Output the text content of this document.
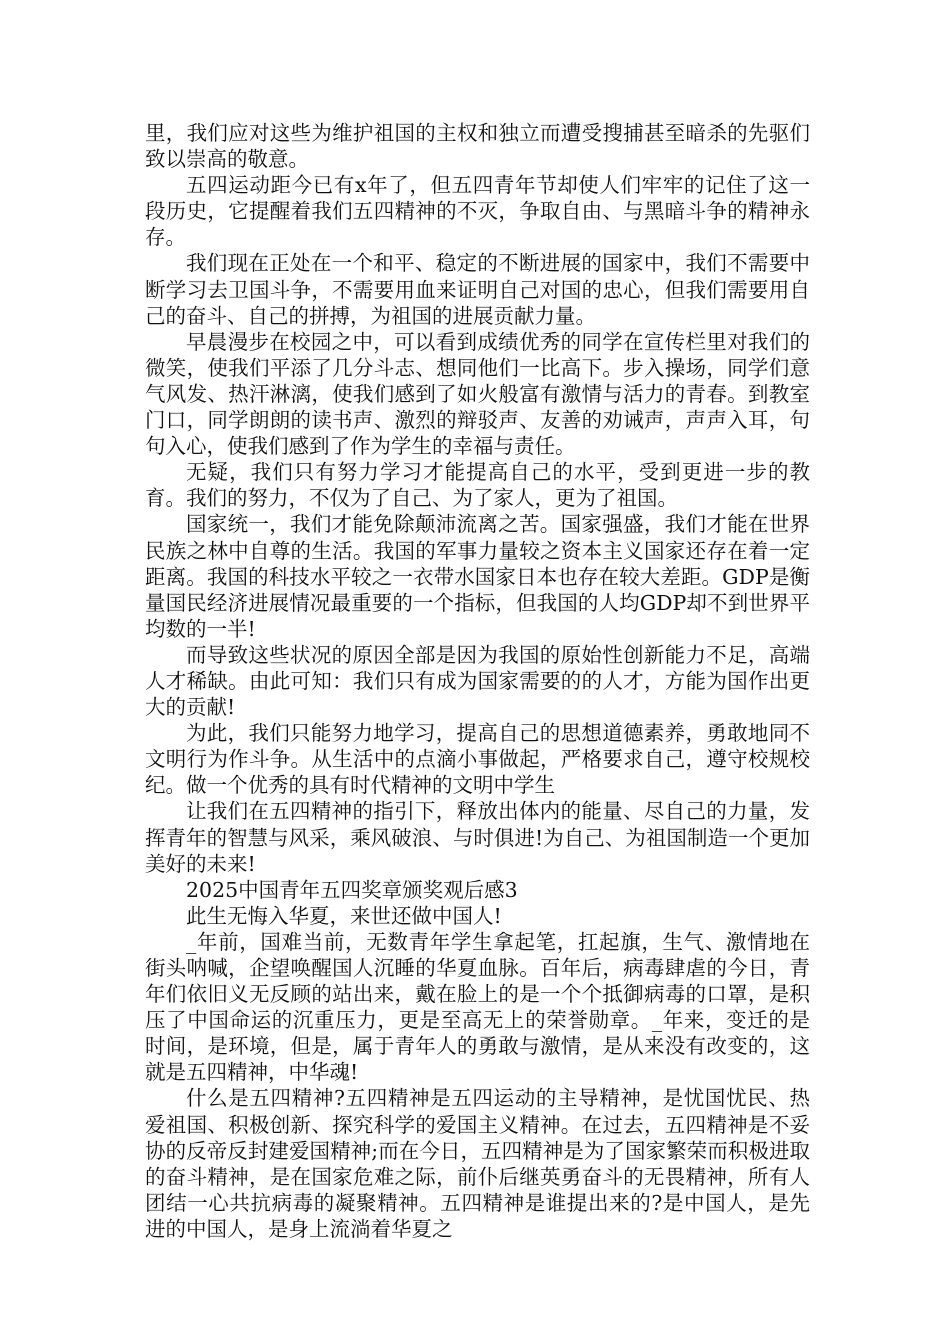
里，我们应对这些为维护祖国的主权和独立而遭受搜捕甚至暗杀的先驱们致以崇高的敬意。

五四运动距今已有x年了，但五四青年节却使人们牢牢的记住了这一段历史，它提醒着我们五四精神的不灭，争取自由、与黑暗斗争的精神永存。

我们现在正处在一个和平、稳定的不断进展的国家中，我们不需要中断学习去卫国斗争，不需要用血来证明自己对国的忠心，但我们需要用自己的奋斗、自己的拼搏，为祖国的进展贡献力量。

早晨漫步在校园之中，可以看到成绩优秀的同学在宣传栏里对我们的微笑，使我们平添了几分斗志、想同他们一比高下。步入操场，同学们意气风发、热汗淋漓，使我们感到了如火般富有激情与活力的青春。到教室门口，同学朗朗的读书声、激烈的辩驳声、友善的劝诫声，声声入耳，句句入心，使我们感到了作为学生的幸福与责任。

无疑，我们只有努力学习才能提高自己的水平，受到更进一步的教育。我们的努力，不仅为了自己、为了家人，更为了祖国。

国家统一，我们才能免除颠沛流离之苦。国家强盛，我们才能在世界民族之林中自尊的生活。我国的军事力量较之资本主义国家还存在着一定距离。我国的科技水平较之一衣带水国家日本也存在较大差距。GDP是衡量国民经济进展情况最重要的一个指标，但我国的人均GDP却不到世界平均数的一半!

而导致这些状况的原因全部是因为我国的原始性创新能力不足，高端人才稀缺。由此可知：我们只有成为国家需要的的人才，方能为国作出更大的贡献!

为此，我们只能努力地学习，提高自己的思想道德素养，勇敢地同不文明行为作斗争。从生活中的点滴小事做起，严格要求自己，遵守校规校纪。做一个优秀的具有时代精神的文明中学生

让我们在五四精神的指引下，释放出体内的能量、尽自己的力量，发挥青年的智慧与风采，乘风破浪、与时俱进!为自己、为祖国制造一个更加美好的未来!

2025中国青年五四奖章颁奖观后感3

此生无悔入华夏，来世还做中国人!

_年前，国难当前，无数青年学生拿起笔，扛起旗，生气、激情地在街头呐喊，企望唤醒国人沉睡的华夏血脉。百年后，病毒肆虐的今日，青年们依旧义无反顾的站出来，戴在脸上的是一个个抵御病毒的口罩，是积压了中国命运的沉重压力，更是至高无上的荣誉勋章。_年来，变迁的是时间，是环境，但是，属于青年人的勇敢与激情，是从来没有改变的，这就是五四精神，中华魂!

什么是五四精神?五四精神是五四运动的主导精神，是忧国忧民、热爱祖国、积极创新、探究科学的爱国主义精神。在过去，五四精神是不妥协的反帝反封建爱国精神;而在今日，五四精神是为了国家繁荣而积极进取的奋斗精神，是在国家危难之际，前仆后继英勇奋斗的无畏精神，所有人团结一心共抗病毒的凝聚精神。五四精神是谁提出来的?是中国人，是先进的中国人，是身上流淌着华夏之
